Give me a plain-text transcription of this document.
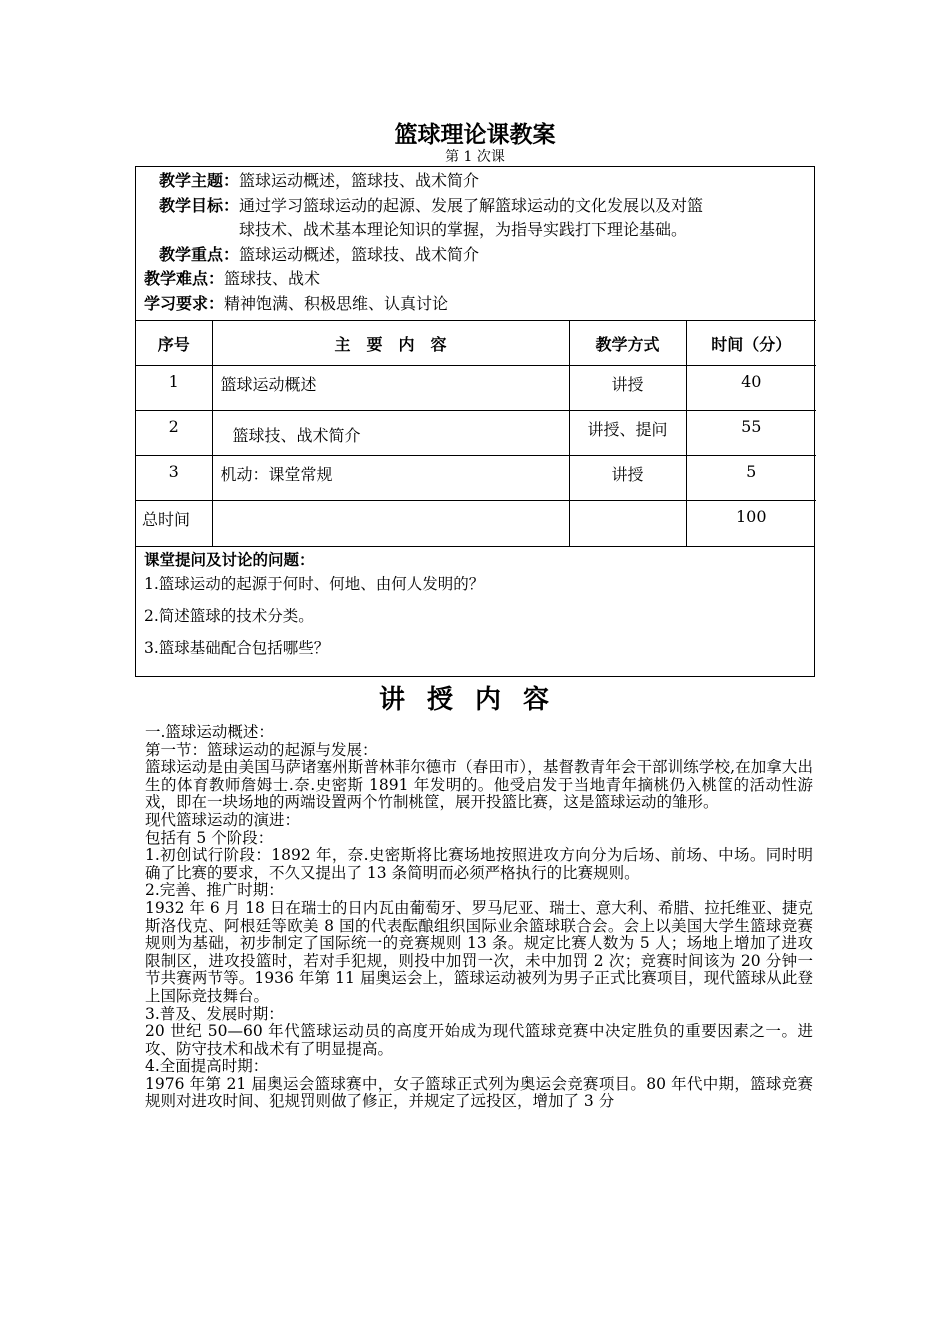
篮球理论课教案
第 1 次课
教学主题：篮球运动概述，篮球技、战术简介
教学目标：通过学习篮球运动的起源、发展了解篮球运动的文化发展以及对篮
球技术、战术基本理论知识的掌握，为指导实践打下理论基础。
教学重点：篮球运动概述，篮球技、战术简介
教学难点：篮球技、战术
学习要求：精神饱满、积极思维、认真讨论
序号	主　要　内　容	教学方式	时间（分）
1	篮球运动概述	讲授	40
2	篮球技、战术简介	讲授、提问	55
3	机动：课堂常规	讲授	5
总时间			100
课堂提问及讨论的问题：
1.篮球运动的起源于何时、何地、由何人发明的？
2.简述篮球的技术分类。
3.篮球基础配合包括哪些？
讲授内容

一.篮球运动概述：

第一节：篮球运动的起源与发展：

篮球运动是由美国马萨诸塞州斯普林菲尔德市（春田市），基督教青年会干部训练学校,在加拿大出生的体育教师詹姆士.奈.史密斯 1891 年发明的。他受启发于当地青年摘桃仍入桃筐的活动性游戏，即在一块场地的两端设置两个竹制桃筐，展开投篮比赛，这是篮球运动的雏形。

现代篮球运动的演进：

包括有 5 个阶段：

1.初创试行阶段：1892 年，奈.史密斯将比赛场地按照进攻方向分为后场、前场、中场。同时明确了比赛的要求，不久又提出了 13 条简明而必须严格执行的比赛规则。

2.完善、推广时期：

1932 年 6 月 18 日在瑞士的日内瓦由葡萄牙、罗马尼亚、瑞士、意大利、希腊、拉托维亚、捷克斯洛伐克、阿根廷等欧美 8 国的代表酝酿组织国际业余篮球联合会。会上以美国大学生篮球竞赛规则为基础，初步制定了国际统一的竞赛规则 13 条。规定比赛人数为 5 人；场地上增加了进攻限制区，进攻投篮时，若对手犯规，则投中加罚一次，未中加罚 2 次；竞赛时间该为 20 分钟一节共赛两节等。1936 年第 11 届奥运会上，篮球运动被列为男子正式比赛项目，现代篮球从此登上国际竞技舞台。

3.普及、发展时期：

20 世纪 50—60 年代篮球运动员的高度开始成为现代篮球竞赛中决定胜负的重要因素之一。进攻、防守技术和战术有了明显提高。

4.全面提高时期：

1976 年第 21 届奥运会篮球赛中，女子篮球正式列为奥运会竞赛项目。80 年代中期，篮球竞赛规则对进攻时间、犯规罚则做了修正，并规定了远投区，增加了 3 分
